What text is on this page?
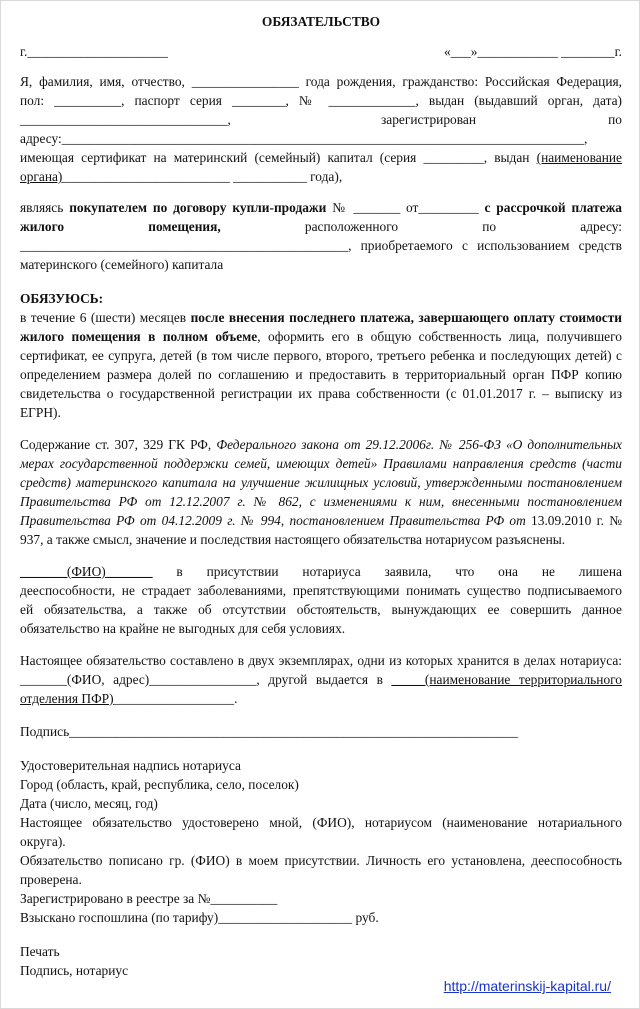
ОБЯЗАТЕЛЬСТВО
г._____________________	«___»____________ ________г.
Я, фамилия, имя, отчество, ________________ года рождения, гражданство: Российская Федерация,
пол: __________, паспорт серия ________, № _____________, выдан (выдавший орган, дата)
_______________________________,	зарегистрирован по
адресу:______________________________________________________________________________,
имеющая сертификат на материнский (семейный) капитал (серия _________, выдан (наименование
органа)_________________________ ___________ года),
являясь покупателем по договору купли-продажи № _______ от_________ с рассрочкой платежа
жилого помещения, расположенного по адресу:
_________________________________________________, приобретаемого с использованием средств
материнского (семейного) капитала
ОБЯЗУЮСЬ:
в течение 6 (шести) месяцев после внесения последнего платежа, завершающего оплату стоимости
жилого помещения в полном объеме, оформить его в общую собственность лица, получившего
сертификат, ее супруга, детей (в том числе первого, второго, третьего ребенка и последующих детей) с
определением размера долей по соглашению и предоставить в территориальный орган ПФР копию
свидетельства о государственной регистрации их права собственности (с 01.01.2017 г. – выписку из
ЕГРН).
Содержание ст. 307, 329 ГК РФ, Федерального закона от 29.12.2006г. № 256-ФЗ «О дополнительных
мерах государственной поддержки семей, имеющих детей» Правилами направления средств (части
средств) материнского капитала на улучшение жилищных условий, утвержденными постановлением
Правительства РФ от 12.12.2007 г. № 862, с изменениями к ним, внесенными постановлением
Правительства РФ от 04.12.2009 г. № 994, постановлением Правительства РФ от 13.09.2010 г. №
937, а также смысл, значение и последствия настоящего обязательства нотариусом разъяснены.
_______(ФИО)_______ в присутствии нотариуса заявила, что она не лишена
дееспособности, не страдает заболеваниями, препятствующими понимать существо подписываемого
ей обязательства, а также об отсутствии обстоятельств, вынуждающих ее совершить данное
обязательство на крайне не выгодных для себя условиях.
Настоящее обязательство составлено в двух экземплярах, одни из которых хранится в делах нотариуса:
_______(ФИО, адрес)________________, другой выдается в _____(наименование территориального
отделения ПФР)__________________.
Подпись___________________________________________________________________
Удостоверительная надпись нотариуса
Город (область, край, республика, село, поселок)
Дата (число, месяц, год)
Настоящее обязательство удостоверено мной, (ФИО), нотариусом (наименование нотариального
округа).
Обязательство пописано гр. (ФИО) в моем присутствии. Личность его установлена, дееспособность
проверена.
Зарегистрировано в реестре за №__________
Взыскано госпошлина (по тарифу)____________________ руб.
Печать
Подпись, нотариус
http://materinskij-kapital.ru/
